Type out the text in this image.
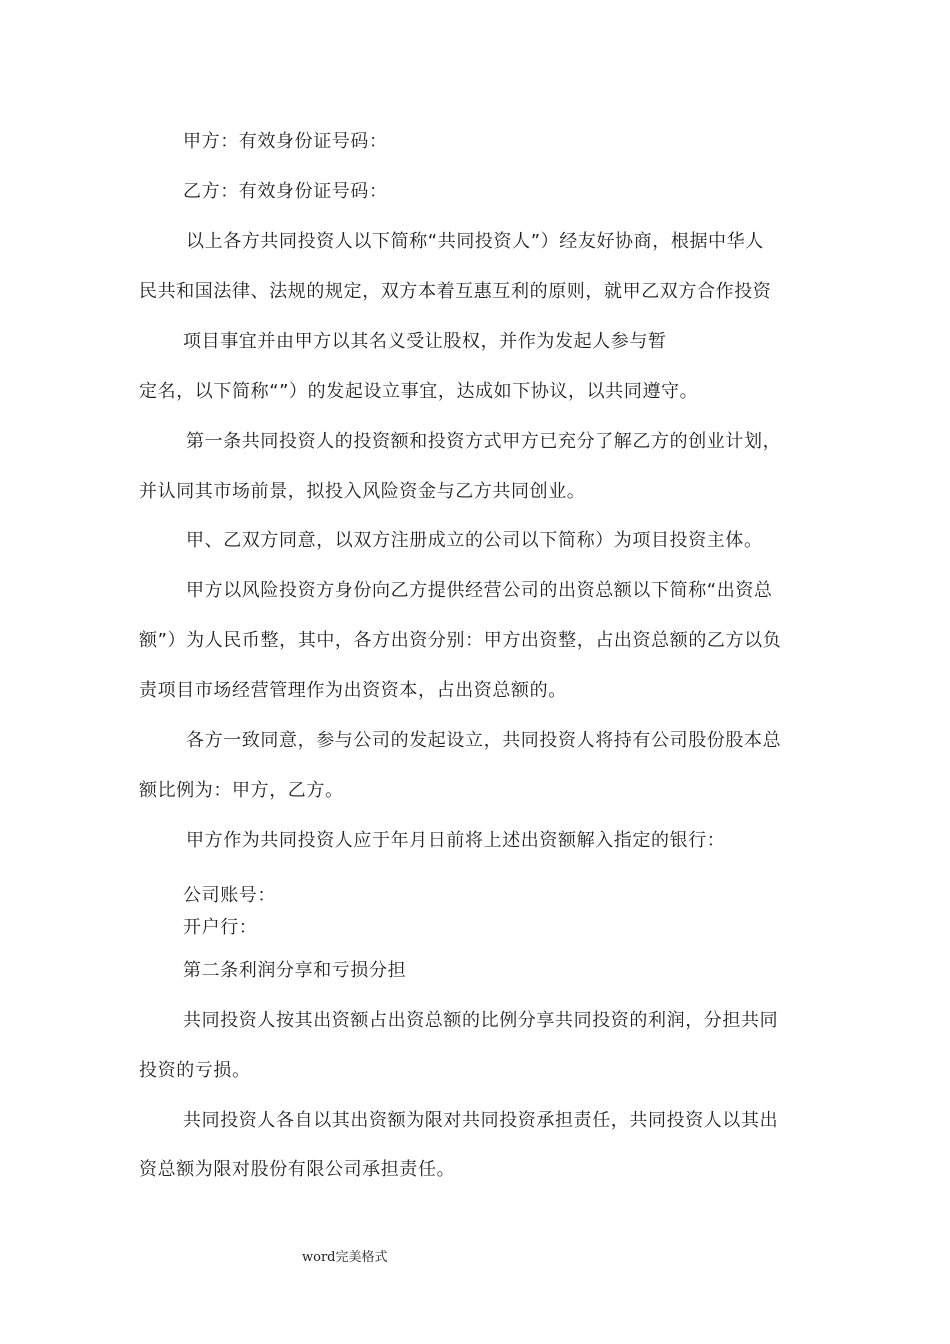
甲方：有效身份证号码：

乙方：有效身份证号码：

以上各方共同投资人以下简称“共同投资人”）经友好协商，根据中华人

民共和国法律、法规的规定，双方本着互惠互利的原则，就甲乙双方合作投资

项目事宜并由甲方以其名义受让股权，并作为发起人参与暂

定名，以下简称“”）的发起设立事宜，达成如下协议，以共同遵守。

第一条共同投资人的投资额和投资方式甲方已充分了解乙方的创业计划，

并认同其市场前景，拟投入风险资金与乙方共同创业。

甲、乙双方同意，以双方注册成立的公司以下简称）为项目投资主体。

甲方以风险投资方身份向乙方提供经营公司的出资总额以下简称“出资总

额”）为人民币整，其中，各方出资分别：甲方出资整，占出资总额的乙方以负

责项目市场经营管理作为出资资本，占出资总额的。

各方一致同意，参与公司的发起设立，共同投资人将持有公司股份股本总

额比例为：甲方，乙方。

甲方作为共同投资人应于年月日前将上述出资额解入指定的银行：

公司账号：

开户行：

第二条利润分享和亏损分担

共同投资人按其出资额占出资总额的比例分享共同投资的利润，分担共同

投资的亏损。

共同投资人各自以其出资额为限对共同投资承担责任，共同投资人以其出

资总额为限对股份有限公司承担责任。

word完美格式
